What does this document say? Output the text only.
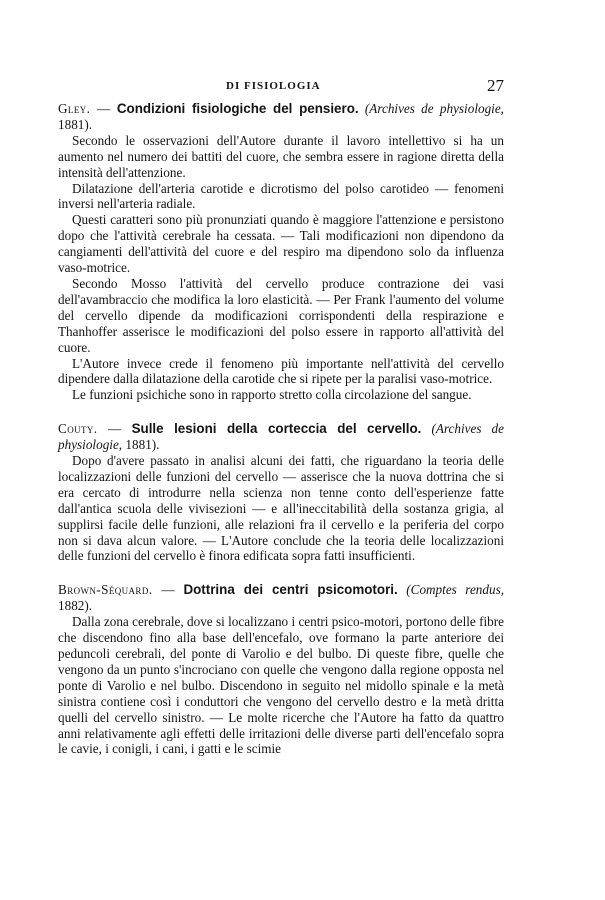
DI FISIOLOGIA	27

Gley. — Condizioni fisiologiche del pensiero. (Archives de physiologie, 1881).

Secondo le osservazioni dell'Autore durante il lavoro intellettivo si ha un aumento nel numero dei battiti del cuore, che sembra essere in ragione diretta della intensità dell'attenzione.

Dilatazione dell'arteria carotide e dicrotismo del polso carotideo — fenomeni inversi nell'arteria radiale.

Questi caratteri sono più pronunziati quando è maggiore l'attenzione e persistono dopo che l'attività cerebrale ha cessata. — Tali modificazioni non dipendono da cangiamenti dell'attività del cuore e del respiro ma dipendono solo da influenza vaso-motrice.

Secondo Mosso l'attività del cervello produce contrazione dei vasi dell'avambraccio che modifica la loro elasticità. — Per Frank l'aumento del volume del cervello dipende da modificazioni corrispondenti della respirazione e Thanhoffer asserisce le modificazioni del polso essere in rapporto all'attività del cuore.

L'Autore invece crede il fenomeno più importante nell'attività del cervello dipendere dalla dilatazione della carotide che si ripete per la paralisi vaso-motrice.

Le funzioni psichiche sono in rapporto stretto colla circolazione del sangue.

Couty. — Sulle lesioni della corteccia del cervello. (Archives de physiologie, 1881).

Dopo d'avere passato in analisi alcuni dei fatti, che riguardano la teoria delle localizzazioni delle funzioni del cervello — asserisce che la nuova dottrina che si era cercato di introdurre nella scienza non tenne conto dell'esperienze fatte dall'antica scuola delle vivisezioni — e all'ineccitabilità della sostanza grigia, al supplirsi facile delle funzioni, alle relazioni fra il cervello e la periferia del corpo non si dava alcun valore. — L'Autore conclude che la teoria delle localizzazioni delle funzioni del cervello è finora edificata sopra fatti insufficienti.

Brown-Séquard. — Dottrina dei centri psicomotori. (Comptes rendus, 1882).

Dalla zona cerebrale, dove si localizzano i centri psico-motori, portono delle fibre che discendono fino alla base dell'encefalo, ove formano la parte anteriore dei peduncoli cerebrali, del ponte di Varolio e del bulbo. Di queste fibre, quelle che vengono da un punto s'incrociano con quelle che vengono dalla regione opposta nel ponte di Varolio e nel bulbo. Discendono in seguito nel midollo spinale e la metà sinistra contiene così i conduttori che vengono del cervello destro e la metà dritta quelli del cervello sinistro. — Le molte ricerche che l'Autore ha fatto da quattro anni relativamente agli effetti delle irritazioni delle diverse parti dell'encefalo sopra le cavie, i conigli, i cani, i gatti e le scimie
